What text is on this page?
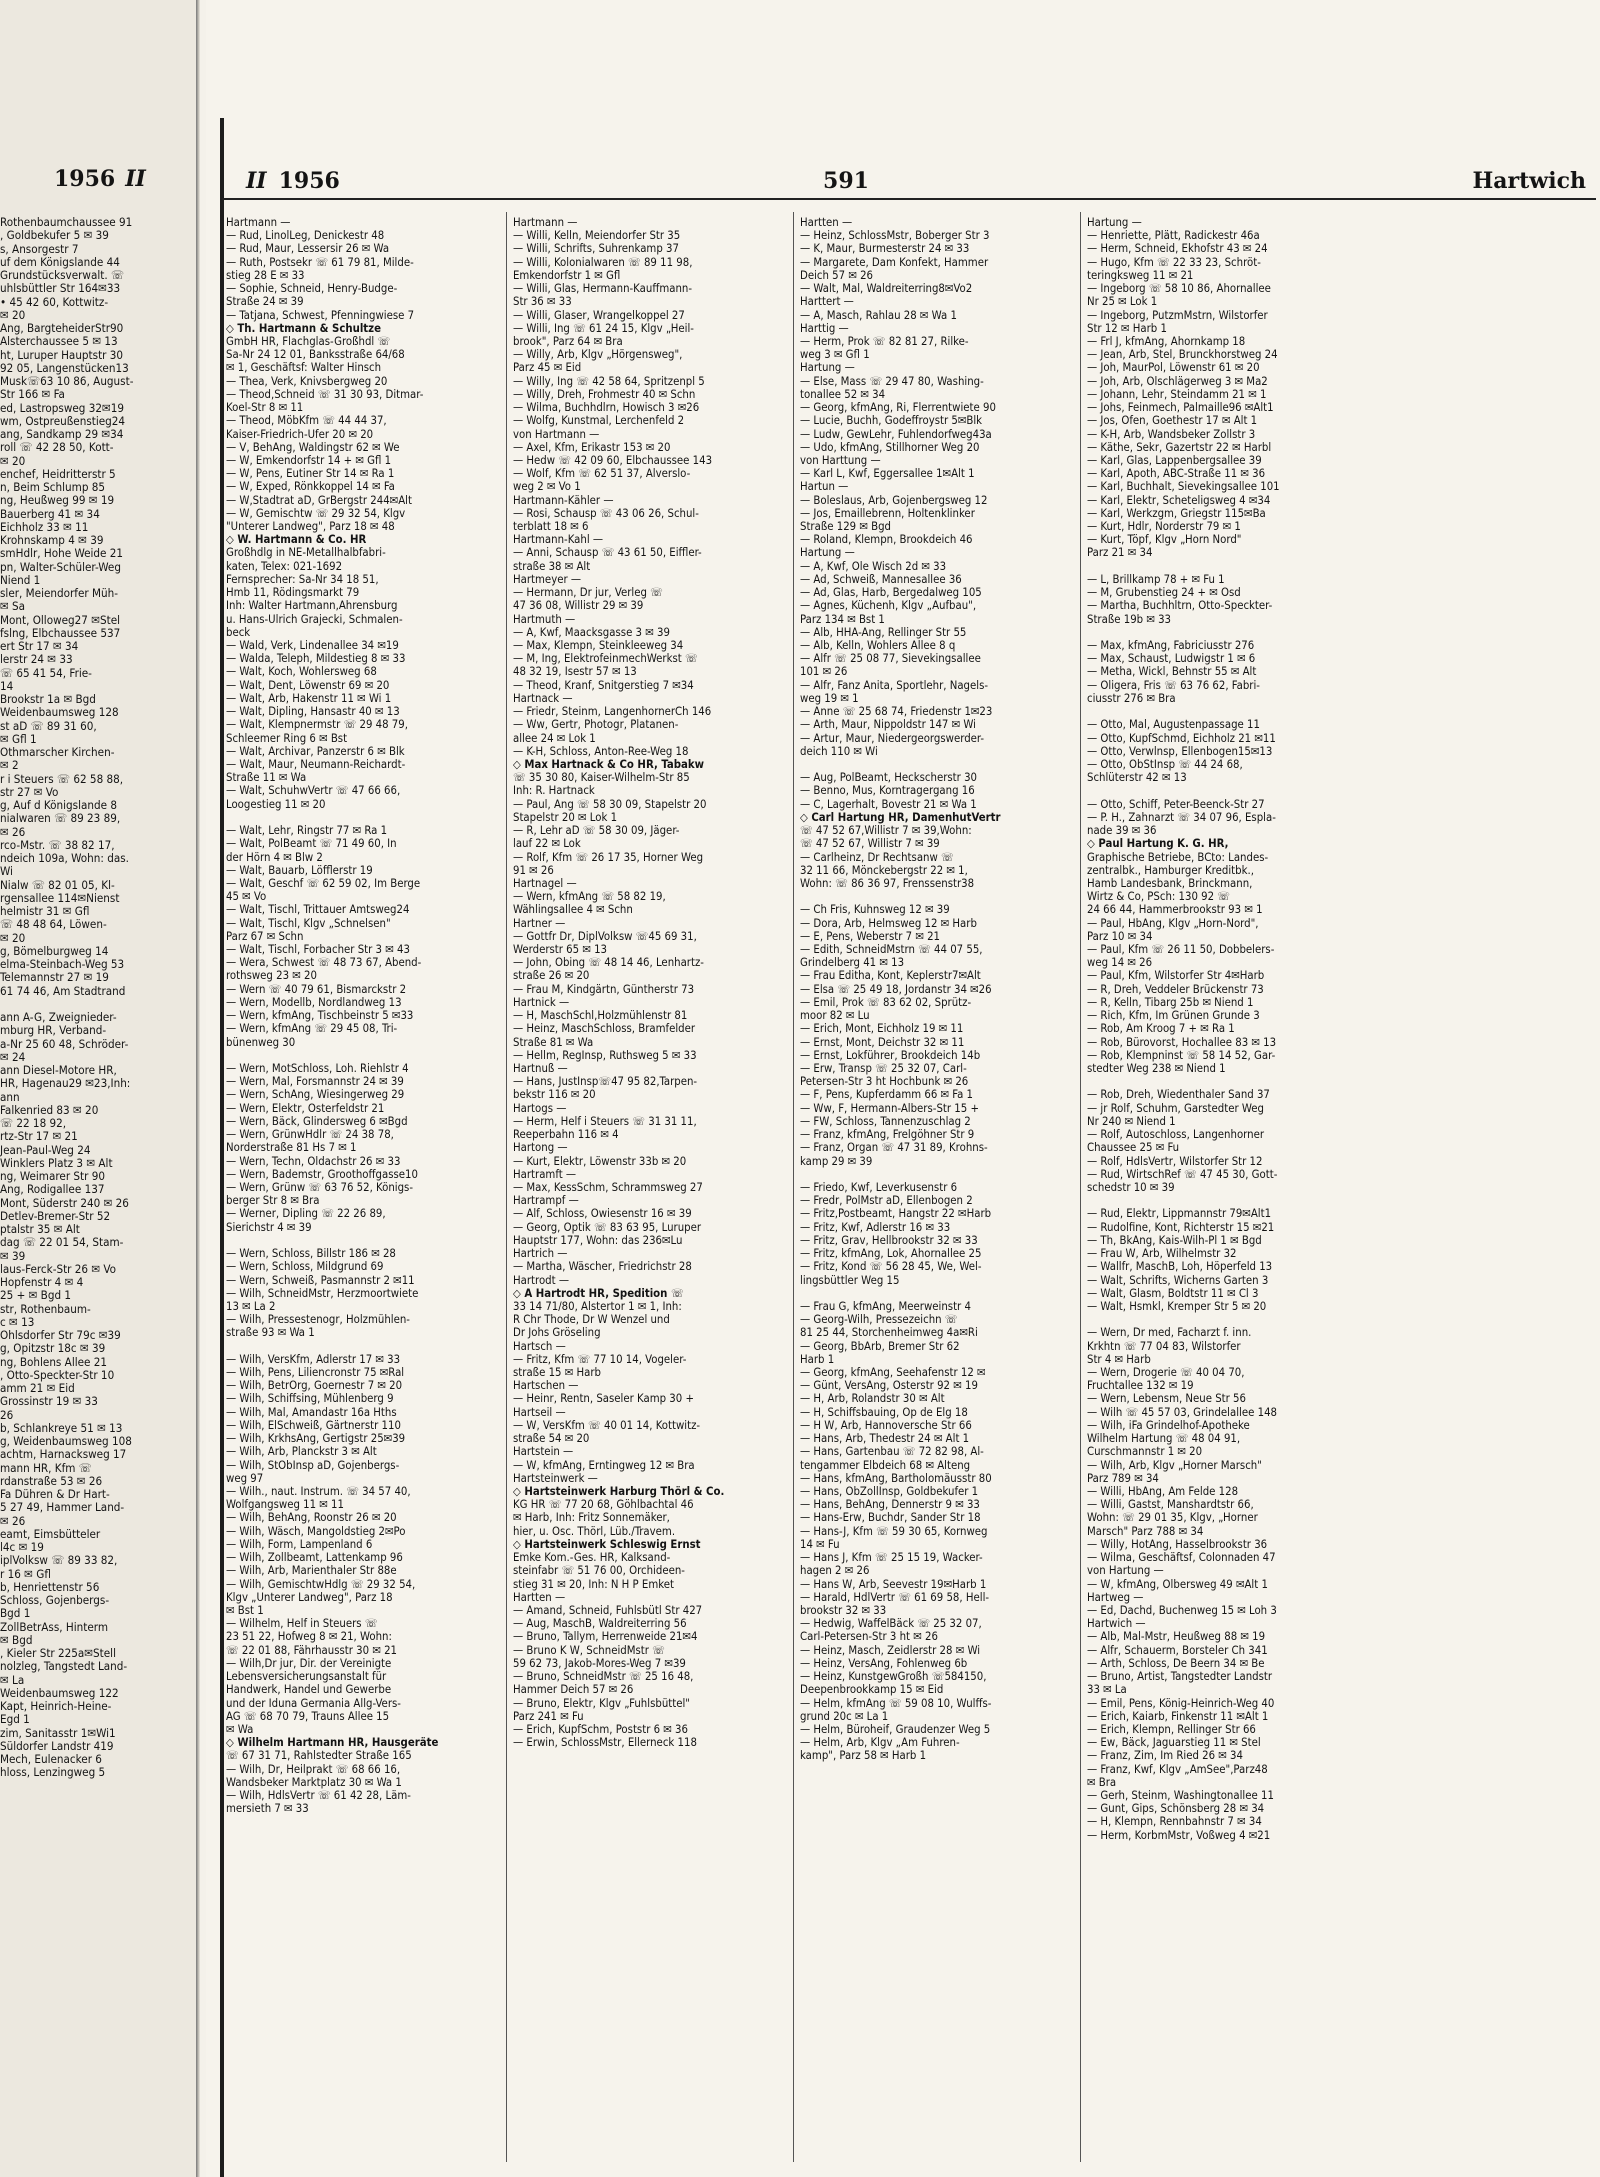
1956 II
Rothenbaumchaussee 91
, Goldbekufer 5 ✉ 39
s, Ansorgestr 7
uf dem Königslande 44
Grundstücksverwalt. ☏
uhlsbüttler Str 164✉33
• 45 42 60, Kottwitz-
✉ 20
Ang, BargteheiderStr90
Alsterchaussee 5 ✉ 13
ht, Luruper Hauptstr 30
92 05, Langenstücken13
Musk☏63 10 86, August-
Str 166 ✉ Fa
ed, Lastropsweg 32✉19
wm, Ostpreußenstieg24
ang, Sandkamp 29 ✉34
roll ☏ 42 28 50, Kott-
✉ 20
enchef, Heidritterstr 5
n, Beim Schlump 85
ng, Heußweg 99 ✉ 19
Bauerberg 41 ✉ 34
Eichholz 33 ✉ 11
Krohnskamp 4 ✉ 39
smHdlr, Hohe Weide 21
pn, Walter-Schüler-Weg
Niend 1
sler, Meiendorfer Müh-
✉ Sa
Mont, Olloweg27 ✉Stel
fslng, Elbchaussee 537
ert Str 17 ✉ 34
lerstr 24 ✉ 33
☏ 65 41 54, Frie-
14
Brookstr 1a ✉ Bgd
Weidenbaumsweg 128
st aD ☏ 89 31 60,
✉ Gfl 1
Othmarscher Kirchen-
✉ 2
r i Steuers ☏ 62 58 88,
str 27 ✉ Vo
g, Auf d Königslande 8
nialwaren ☏ 89 23 89,
✉ 26
rco-Mstr. ☏ 38 82 17,
ndeich 109a, Wohn: das.
Wi
Nialw ☏ 82 01 05, Kl-
rgensallee 114✉Nienst
helmistr 31 ✉ Gfl
☏ 48 48 64, Löwen-
✉ 20
g, Bömelburgweg 14
elma-Steinbach-Weg 53
Telemannstr 27 ✉ 19
61 74 46, Am Stadtrand
ann A-G, Zweignieder-
mburg HR, Verband-
a-Nr 25 60 48, Schröder-
✉ 24
ann Diesel-Motore HR,
HR, Hagenau29 ✉23,Inh:
ann
Falkenried 83 ✉ 20
☏ 22 18 92,
rtz-Str 17 ✉ 21
Jean-Paul-Weg 24
Winklers Platz 3 ✉ Alt
ng, Weimarer Str 90
Ang, Rodigallee 137
Mont, Süderstr 240 ✉ 26
Detlev-Bremer-Str 52
ptalstr 35 ✉ Alt
dag ☏ 22 01 54, Stam-
✉ 39
laus-Ferck-Str 26 ✉ Vo
Hopfenstr 4 ✉ 4
25 + ✉ Bgd 1
str, Rothenbaum-
c ✉ 13
Ohlsdorfer Str 79c ✉39
g, Opitzstr 18c ✉ 39
ng, Bohlens Allee 21
, Otto-Speckter-Str 10
amm 21 ✉ Eid
Grossinstr 19 ✉ 33
26
b, Schlankreye 51 ✉ 13
g, Weidenbaumsweg 108
achtm, Harnacksweg 17
mann HR, Kfm ☏
rdanstraße 53 ✉ 26
Fa Dühren & Dr Hart-
5 27 49, Hammer Land-
✉ 26
eamt, Eimsbütteler
l4c ✉ 19
iplVolksw ☏ 89 33 82,
r 16 ✉ Gfl
b, Henriettenstr 56
Schloss, Gojenbergs-
Bgd 1
ZollBetrAss, Hinterm
✉ Bgd
, Kieler Str 225a✉Stell
nolzleg, Tangstedt Land-
✉ La
Weidenbaumsweg 122
Kapt, Heinrich-Heine-
Egd 1
zim, Sanitasstr 1✉Wi1
Süldorfer Landstr 419
Mech, Eulenacker 6
hloss, Lenzingweg 5
II 1956	591	Hartwich
Hartmann —
— Rud, LinolLeg, Denickestr 48
— Rud, Maur, Lessersir 26 ✉ Wa
— Ruth, Postsekr ☏ 61 79 81, Milde-
stieg 28 E ✉ 33
— Sophie, Schneid, Henry-Budge-
Straße 24 ✉ 39
— Tatjana, Schwest, Pfenningwiese 7
◇ Th. Hartmann & Schultze
GmbH HR, Flachglas-Großhdl ☏
Sa-Nr 24 12 01, Banksstraße 64/68
✉ 1, Geschäftsf: Walter Hinsch
— Thea, Verk, Knivsbergweg 20
— Theod,Schneid ☏ 31 30 93, Ditmar-
Koel-Str 8 ✉ 11
— Theod, MöbKfm ☏ 44 44 37,
Kaiser-Friedrich-Ufer 20 ✉ 20
— V, BehAng, Waldingstr 62 ✉ We
— W, Emkendorfstr 14 + ✉ Gfl 1
— W, Pens, Eutiner Str 14 ✉ Ra 1
— W, Exped, Rönkkoppel 14 ✉ Fa
— W,Stadtrat aD, GrBergstr 244✉Alt
— W, Gemischtw ☏ 29 32 54, Klgv
"Unterer Landweg", Parz 18 ✉ 48
◇ W. Hartmann & Co. HR
Großhdlg in NE-Metallhalbfabri-
katen, Telex: 021-1692
Fernsprecher: Sa-Nr 34 18 51,
Hmb 11, Rödingsmarkt 79
Inh: Walter Hartmann,Ahrensburg
u. Hans-Ulrich Grajecki, Schmalen-
beck
— Wald, Verk, Lindenallee 34 ✉19
— Walda, Teleph, Mildestieg 8 ✉ 33
— Walt, Koch, Wohlersweg 68
— Walt, Dent, Löwenstr 69 ✉ 20
— Walt, Arb, Hakenstr 11 ✉ Wi 1
— Walt, Dipling, Hansastr 40 ✉ 13
— Walt, Klempnermstr ☏ 29 48 79,
Schleemer Ring 6 ✉ Bst
— Walt, Archivar, Panzerstr 6 ✉ Blk
— Walt, Maur, Neumann-Reichardt-
Straße 11 ✉ Wa
— Walt, SchuhwVertr ☏ 47 66 66,
Loogestieg 11 ✉ 20
— Walt, Lehr, Ringstr 77 ✉ Ra 1
— Walt, PolBeamt ☏ 71 49 60, In
der Hörn 4 ✉ Blw 2
— Walt, Bauarb, Löfflerstr 19
— Walt, Geschf ☏ 62 59 02, Im Berge
45 ✉ Vo
— Walt, Tischl, Trittauer Amtsweg24
— Walt, Tischl, Klgv „Schnelsen"
Parz 67 ✉ Schn
— Walt, Tischl, Forbacher Str 3 ✉ 43
— Wera, Schwest ☏ 48 73 67, Abend-
rothsweg 23 ✉ 20
— Wern ☏ 40 79 61, Bismarckstr 2
— Wern, Modellb, Nordlandweg 13
— Wern, kfmAng, Tischbeinstr 5 ✉33
— Wern, kfmAng ☏ 29 45 08, Tri-
bünenweg 30
— Wern, MotSchloss, Loh. Riehlstr 4
— Wern, Mal, Forsmannstr 24 ✉ 39
— Wern, SchAng, Wiesingerweg 29
— Wern, Elektr, Osterfeldstr 21
— Wern, Bäck, Glindersweg 6 ✉Bgd
— Wern, GrünwHdlr ☏ 24 38 78,
Norderstraße 81 Hs 7 ✉ 1
— Wern, Techn, Oldachstr 26 ✉ 33
— Wern, Bademstr, Groothoffgasse10
— Wern, Grünw ☏ 63 76 52, Königs-
berger Str 8 ✉ Bra
— Werner, Dipling ☏ 22 26 89,
Sierichstr 4 ✉ 39
— Wern, Schloss, Billstr 186 ✉ 28
— Wern, Schloss, Mildgrund 69
— Wern, Schweiß, Pasmannstr 2 ✉11
— Wilh, SchneidMstr, Herzmoortwiete
13 ✉ La 2
— Wilh, Pressestenogr, Holzmühlen-
straße 93 ✉ Wa 1
— Wilh, VersKfm, Adlerstr 17 ✉ 33
— Wilh, Pens, Liliencronstr 75 ✉Ral
— Wilh, BetrOrg, Goernestr 7 ✉ 20
— Wilh, Schiffsing, Mühlenberg 9
— Wilh, Mal, Amandastr 16a Hths
— Wilh, ElSchweiß, Gärtnerstr 110
— Wilh, KrkhsAng, Gertigstr 25✉39
— Wilh, Arb, Planckstr 3 ✉ Alt
— Wilh, StObInsp aD, Gojenbergs-
weg 97
— Wilh., naut. Instrum. ☏ 34 57 40,
Wolfgangsweg 11 ✉ 11
— Wilh, BehAng, Roonstr 26 ✉ 20
— Wilh, Wäsch, Mangoldstieg 2✉Po
— Wilh, Form, Lampenland 6
— Wilh, Zollbeamt, Lattenkamp 96
— Wilh, Arb, Marienthaler Str 88e
— Wilh, GemischtwHdlg ☏ 29 32 54,
Klgv „Unterer Landweg", Parz 18
✉ Bst 1
— Wilhelm, Helf in Steuers ☏
23 51 22, Hofweg 8 ✉ 21, Wohn:
☏ 22 01 88, Fährhausstr 30 ✉ 21
— Wilh,Dr jur, Dir. der Vereinigte
Lebensversicherungsanstalt für
Handwerk, Handel und Gewerbe
und der Iduna Germania Allg-Vers-
AG ☏ 68 70 79, Trauns Allee 15
✉ Wa
◇ Wilhelm Hartmann HR, Hausgeräte
☏ 67 31 71, Rahlstedter Straße 165
— Wilh, Dr, Heilprakt ☏ 68 66 16,
Wandsbeker Marktplatz 30 ✉ Wa 1
— Wilh, HdlsVertr ☏ 61 42 28, Läm-
mersieth 7 ✉ 33
Hartmann —
— Willi, Kelln, Meiendorfer Str 35
— Willi, Schrifts, Suhrenkamp 37
— Willi, Kolonialwaren ☏ 89 11 98,
Emkendorfstr 1 ✉ Gfl
— Willi, Glas, Hermann-Kauffmann-
Str 36 ✉ 33
— Willi, Glaser, Wrangelkoppel 27
— Willi, Ing ☏ 61 24 15, Klgv „Heil-
brook", Parz 64 ✉ Bra
— Willy, Arb, Klgv „Hörgensweg",
Parz 45 ✉ Eid
— Willy, Ing ☏ 42 58 64, Spritzenpl 5
— Willy, Dreh, Frohmestr 40 ✉ Schn
— Wilma, Buchhdlrn, Howisch 3 ✉26
— Wolfg, Kunstmal, Lerchenfeld 2
von Hartmann —
— Axel, Kfm, Erikastr 153 ✉ 20
— Hedw ☏ 42 09 60, Elbchaussee 143
— Wolf, Kfm ☏ 62 51 37, Alverslo-
weg 2 ✉ Vo 1
Hartmann-Kähler —
— Rosi, Schausp ☏ 43 06 26, Schul-
terblatt 18 ✉ 6
Hartmann-Kahl —
— Anni, Schausp ☏ 43 61 50, Eiffler-
straße 38 ✉ Alt
Hartmeyer —
— Hermann, Dr jur, Verleg ☏
47 36 08, Willistr 29 ✉ 39
Hartmuth —
— A, Kwf, Maacksgasse 3 ✉ 39
— Max, Klempn, Steinkleeweg 34
— M, Ing, ElektrofeinmechWerkst ☏
48 32 19, Isestr 57 ✉ 13
— Theod, Kranf, Snitgerstieg 7 ✉34
Hartnack —
— Friedr, Steinm, LangenhornerCh 146
— Ww, Gertr, Photogr, Platanen-
allee 24 ✉ Lok 1
— K-H, Schloss, Anton-Ree-Weg 18
◇ Max Hartnack & Co HR, Tabakw
☏ 35 30 80, Kaiser-Wilhelm-Str 85
Inh: R. Hartnack
— Paul, Ang ☏ 58 30 09, Stapelstr 20
Stapelstr 20 ✉ Lok 1
— R, Lehr aD ☏ 58 30 09, Jäger-
lauf 22 ✉ Lok
— Rolf, Kfm ☏ 26 17 35, Horner Weg
91 ✉ 26
Hartnagel —
— Wern, kfmAng ☏ 58 82 19,
Wählingsallee 4 ✉ Schn
Hartner —
— Gottfr Dr, DiplVolksw ☏45 69 31,
Werderstr 65 ✉ 13
— John, Obing ☏ 48 14 46, Lenhartz-
straße 26 ✉ 20
— Frau M, Kindgärtn, Güntherstr 73
Hartnick —
— H, MaschSchl,Holzmühlenstr 81
— Heinz, MaschSchloss, Bramfelder
Straße 81 ✉ Wa
— Hellm, RegInsp, Ruthsweg 5 ✉ 33
Hartnuß —
— Hans, JustInsp☏47 95 82,Tarpen-
bekstr 116 ✉ 20
Hartogs —
— Herm, Helf i Steuers ☏ 31 31 11,
Reeperbahn 116 ✉ 4
Hartong —
— Kurt, Elektr, Löwenstr 33b ✉ 20
Hartramft —
— Max, KessSchm, Schrammsweg 27
Hartrampf —
— Alf, Schloss, Owiesenstr 16 ✉ 39
— Georg, Optik ☏ 83 63 95, Luruper
Hauptstr 177, Wohn: das 236✉Lu
Hartrich —
— Martha, Wäscher, Friedrichstr 28
Hartrodt —
◇ A Hartrodt HR, Spedition ☏
33 14 71/80, Alstertor 1 ✉ 1, Inh:
R Chr Thode, Dr W Wenzel und
Dr Johs Gröseling
Hartsch —
— Fritz, Kfm ☏ 77 10 14, Vogeler-
straße 15 ✉ Harb
Hartschen —
— Heinr, Rentn, Saseler Kamp 30 +
Hartseil —
— W, VersKfm ☏ 40 01 14, Kottwitz-
straße 54 ✉ 20
Hartstein —
— W, kfmAng, Erntingweg 12 ✉ Bra
Hartsteinwerk —
◇ Hartsteinwerk Harburg Thörl & Co.
KG HR ☏ 77 20 68, Göhlbachtal 46
✉ Harb, Inh: Fritz Sonnemäker,
hier, u. Osc. Thörl, Lüb./Travem.
◇ Hartsteinwerk Schleswig Ernst
Emke Kom.-Ges. HR, Kalksand-
steinfabr ☏ 51 76 00, Orchideen-
stieg 31 ✉ 20, Inh: N H P Emket
Hartten —
— Amand, Schneid, Fuhlsbütl Str 427
— Aug, MaschB, Waldreiterring 56
— Bruno, Tallym, Herrenweide 21✉4
— Bruno K W, SchneidMstr ☏
59 62 73, Jakob-Mores-Weg 7 ✉39
— Bruno, SchneidMstr ☏ 25 16 48,
Hammer Deich 57 ✉ 26
— Bruno, Elektr, Klgv „Fuhlsbüttel"
Parz 241 ✉ Fu
— Erich, KupfSchm, Poststr 6 ✉ 36
— Erwin, SchlossMstr, Ellerneck 118
Hartten —
— Heinz, SchlossMstr, Boberger Str 3
— K, Maur, Burmesterstr 24 ✉ 33
— Margarete, Dam Konfekt, Hammer
Deich 57 ✉ 26
— Walt, Mal, Waldreiterring8✉Vo2
Harttert —
— A, Masch, Rahlau 28 ✉ Wa 1
Harttig —
— Herm, Prok ☏ 82 81 27, Rilke-
weg 3 ✉ Gfl 1
Hartung —
— Else, Mass ☏ 29 47 80, Washing-
tonallee 52 ✉ 34
— Georg, kfmAng, Ri, Flerrentwiete 90
— Lucie, Buchh, Godeffroystr 5✉Blk
— Ludw, GewLehr, Fuhlendorfweg43a
— Udo, kfmAng, Stillhorner Weg 20
von Harttung —
— Karl L, Kwf, Eggersallee 1✉Alt 1
Hartun —
— Boleslaus, Arb, Gojenbergsweg 12
— Jos, Emaillebrenn, Holtenklinker
Straße 129 ✉ Bgd
— Roland, Klempn, Brookdeich 46
Hartung —
— A, Kwf, Ole Wisch 2d ✉ 33
— Ad, Schweiß, Mannesallee 36
— Ad, Glas, Harb, Bergedalweg 105
— Agnes, Küchenh, Klgv „Aufbau",
Parz 134 ✉ Bst 1
— Alb, HHA-Ang, Rellinger Str 55
— Alb, Kelln, Wohlers Allee 8 q
— Alfr ☏ 25 08 77, Sievekingsallee
101 ✉ 26
— Alfr, Fanz Anita, Sportlehr, Nagels-
weg 19 ✉ 1
— Anne ☏ 25 68 74, Friedenstr 1✉23
— Arth, Maur, Nippoldstr 147 ✉ Wi
— Artur, Maur, Niedergeorgswerder-
deich 110 ✉ Wi
— Aug, PolBeamt, Heckscherstr 30
— Benno, Mus, Korntragergang 16
— C, Lagerhalt, Bovestr 21 ✉ Wa 1
◇ Carl Hartung HR, DamenhutVertr
☏ 47 52 67,Willistr 7 ✉ 39,Wohn:
☏ 47 52 67, Willistr 7 ✉ 39
— Carlheinz, Dr Rechtsanw ☏
32 11 66, Mönckebergstr 22 ✉ 1,
Wohn: ☏ 86 36 97, Frenssenstr38
— Ch Fris, Kuhnsweg 12 ✉ 39
— Dora, Arb, Helmsweg 12 ✉ Harb
— E, Pens, Weberstr 7 ✉ 21
— Edith, SchneidMstrn ☏ 44 07 55,
Grindelberg 41 ✉ 13
— Frau Editha, Kont, Keplerstr7✉Alt
— Elsa ☏ 25 49 18, Jordanstr 34 ✉26
— Emil, Prok ☏ 83 62 02, Sprütz-
moor 82 ✉ Lu
— Erich, Mont, Eichholz 19 ✉ 11
— Ernst, Mont, Deichstr 32 ✉ 11
— Ernst, Lokführer, Brookdeich 14b
— Erw, Transp ☏ 25 32 07, Carl-
Petersen-Str 3 ht Hochbunk ✉ 26
— F, Pens, Kupferdamm 66 ✉ Fa 1
— Ww, F, Hermann-Albers-Str 15 +
— FW, Schloss, Tannenzuschlag 2
— Franz, kfmAng, Frelgöhner Str 9
— Franz, Organ ☏ 47 31 89, Krohns-
kamp 29 ✉ 39
— Friedo, Kwf, Leverkusenstr 6
— Fredr, PolMstr aD, Ellenbogen 2
— Fritz,Postbeamt, Hangstr 22 ✉Harb
— Fritz, Kwf, Adlerstr 16 ✉ 33
— Fritz, Grav, Hellbrookstr 32 ✉ 33
— Fritz, kfmAng, Lok, Ahornallee 25
— Fritz, Kond ☏ 56 28 45, We, Wel-
lingsbüttler Weg 15
— Frau G, kfmAng, Meerweinstr 4
— Georg-Wilh, Pressezeichn ☏
81 25 44, Storchenheimweg 4a✉Ri
— Georg, BbArb, Bremer Str 62
Harb 1
— Georg, kfmAng, Seehafenstr 12 ✉
— Günt, VersAng, Osterstr 92 ✉ 19
— H, Arb, Rolandstr 30 ✉ Alt
— H, Schiffsbauing, Op de Elg 18
— H W, Arb, Hannoversche Str 66
— Hans, Arb, Thedestr 24 ✉ Alt 1
— Hans, Gartenbau ☏ 72 82 98, Al-
tengammer Elbdeich 68 ✉ Alteng
— Hans, kfmAng, Bartholomäusstr 80
— Hans, ObZollInsp, Goldbekufer 1
— Hans, BehAng, Dennerstr 9 ✉ 33
— Hans-Erw, Buchdr, Sander Str 18
— Hans-J, Kfm ☏ 59 30 65, Kornweg
14 ✉ Fu
— Hans J, Kfm ☏ 25 15 19, Wacker-
hagen 2 ✉ 26
— Hans W, Arb, Seevestr 19✉Harb 1
— Harald, HdlVertr ☏ 61 69 58, Hell-
brookstr 32 ✉ 33
— Hedwig, WaffelBäck ☏ 25 32 07,
Carl-Petersen-Str 3 ht ✉ 26
— Heinz, Masch, Zeidlerstr 28 ✉ Wi
— Heinz, VersAng, Fohlenweg 6b
— Heinz, KunstgewGroßh ☏584150,
Deepenbrookkamp 15 ✉ Eid
— Helm, kfmAng ☏ 59 08 10, Wulffs-
grund 20c ✉ La 1
— Helm, Büroheif, Graudenzer Weg 5
— Helm, Arb, Klgv „Am Fuhren-
kamp", Parz 58 ✉ Harb 1
Hartung —
— Henriette, Plätt, Radickestr 46a
— Herm, Schneid, Ekhofstr 43 ✉ 24
— Hugo, Kfm ☏ 22 33 23, Schröt-
teringksweg 11 ✉ 21
— Ingeborg ☏ 58 10 86, Ahornallee
Nr 25 ✉ Lok 1
— Ingeborg, PutzmMstrn, Wilstorfer
Str 12 ✉ Harb 1
— Frl J, kfmAng, Ahornkamp 18
— Jean, Arb, Stel, Brunckhorstweg 24
— Joh, MaurPol, Löwenstr 61 ✉ 20
— Joh, Arb, Olschlägerweg 3 ✉ Ma2
— Johann, Lehr, Steindamm 21 ✉ 1
— Johs, Feinmech, Palmaille96 ✉Alt1
— Jos, Ofen, Goethestr 17 ✉ Alt 1
— K-H, Arb, Wandsbeker Zollstr 3
— Käthe, Sekr, Gazertstr 22 ✉ Harbl
— Karl, Glas, Lappenbergsallee 39
— Karl, Apoth, ABC-Straße 11 ✉ 36
— Karl, Buchhalt, Sievekingsallee 101
— Karl, Elektr, Scheteligsweg 4 ✉34
— Karl, Werkzgm, Griegstr 115✉Ba
— Kurt, Hdlr, Norderstr 79 ✉ 1
— Kurt, Töpf, Klgv „Horn Nord"
Parz 21 ✉ 34
— L, Brillkamp 78 + ✉ Fu 1
— M, Grubenstieg 24 + ✉ Osd
— Martha, Buchhltrn, Otto-Speckter-
Straße 19b ✉ 33
— Max, kfmAng, Fabriciusstr 276
— Max, Schaust, Ludwigstr 1 ✉ 6
— Metha, Wickl, Behnstr 55 ✉ Alt
— Oligera, Fris ☏ 63 76 62, Fabri-
ciusstr 276 ✉ Bra
— Otto, Mal, Augustenpassage 11
— Otto, KupfSchmd, Eichholz 21 ✉11
— Otto, Verwlnsp, Ellenbogen15✉13
— Otto, ObStInsp ☏ 44 24 68,
Schlüterstr 42 ✉ 13
— Otto, Schiff, Peter-Beenck-Str 27
— P. H., Zahnarzt ☏ 34 07 96, Espla-
nade 39 ✉ 36
◇ Paul Hartung K. G. HR,
Graphische Betriebe, BCto: Landes-
zentralbk., Hamburger Kreditbk.,
Hamb Landesbank, Brinckmann,
Wirtz & Co, PSch: 130 92 ☏
24 66 44, Hammerbrookstr 93 ✉ 1
— Paul, HbAng, Klgv „Horn-Nord",
Parz 10 ✉ 34
— Paul, Kfm ☏ 26 11 50, Dobbelers-
weg 14 ✉ 26
— Paul, Kfm, Wilstorfer Str 4✉Harb
— R, Dreh, Veddeler Brückenstr 73
— R, Kelln, Tibarg 25b ✉ Niend 1
— Rich, Kfm, Im Grünen Grunde 3
— Rob, Am Kroog 7 + ✉ Ra 1
— Rob, Bürovorst, Hochallee 83 ✉ 13
— Rob, Klempninst ☏ 58 14 52, Gar-
stedter Weg 238 ✉ Niend 1
— Rob, Dreh, Wiedenthaler Sand 37
— jr Rolf, Schuhm, Garstedter Weg
Nr 240 ✉ Niend 1
— Rolf, Autoschloss, Langenhorner
Chaussee 25 ✉ Fu
— Rolf, HdlsVertr, Wilstorfer Str 12
— Rud, WirtschRef ☏ 47 45 30, Gott-
schedstr 10 ✉ 39
— Rud, Elektr, Lippmannstr 79✉Alt1
— Rudolfine, Kont, Richterstr 15 ✉21
— Th, BkAng, Kais-Wilh-Pl 1 ✉ Bgd
— Frau W, Arb, Wilhelmstr 32
— Wallfr, MaschB, Loh, Höperfeld 13
— Walt, Schrifts, Wicherns Garten 3
— Walt, Glasm, Boldtstr 11 ✉ Cl 3
— Walt, Hsmkl, Kremper Str 5 ✉ 20
— Wern, Dr med, Facharzt f. inn.
Krkhtn ☏ 77 04 83, Wilstorfer
Str 4 ✉ Harb
— Wern, Drogerie ☏ 40 04 70,
Fruchtallee 132 ✉ 19
— Wern, Lebensm, Neue Str 56
— Wilh ☏ 45 57 03, Grindelallee 148
— Wilh, iFa Grindelhof-Apotheke
Wilhelm Hartung ☏ 48 04 91,
Curschmannstr 1 ✉ 20
— Wilh, Arb, Klgv „Horner Marsch"
Parz 789 ✉ 34
— Willi, HbAng, Am Felde 128
— Willi, Gastst, Manshardtstr 66,
Wohn: ☏ 29 01 35, Klgv, „Horner
Marsch" Parz 788 ✉ 34
— Willy, HotAng, Hasselbrookstr 36
— Wilma, Geschäftsf, Colonnaden 47
von Hartung —
— W, kfmAng, Olbersweg 49 ✉Alt 1
Hartweg —
— Ed, Dachd, Buchenweg 15 ✉ Loh 3
Hartwich —
— Alb, Mal-Mstr, Heußweg 88 ✉ 19
— Alfr, Schauerm, Borsteler Ch 341
— Arth, Schloss, De Beern 34 ✉ Be
— Bruno, Artist, Tangstedter Landstr
33 ✉ La
— Emil, Pens, König-Heinrich-Weg 40
— Erich, Kaiarb, Finkenstr 11 ✉Alt 1
— Erich, Klempn, Rellinger Str 66
— Ew, Bäck, Jaguarstieg 11 ✉ Stel
— Franz, Zim, Im Ried 26 ✉ 34
— Franz, Kwf, Klgv „AmSee",Parz48
✉ Bra
— Gerh, Steinm, Washingtonallee 11
— Gunt, Gips, Schönsberg 28 ✉ 34
— H, Klempn, Rennbahnstr 7 ✉ 34
— Herm, KorbmMstr, Voßweg 4 ✉21
